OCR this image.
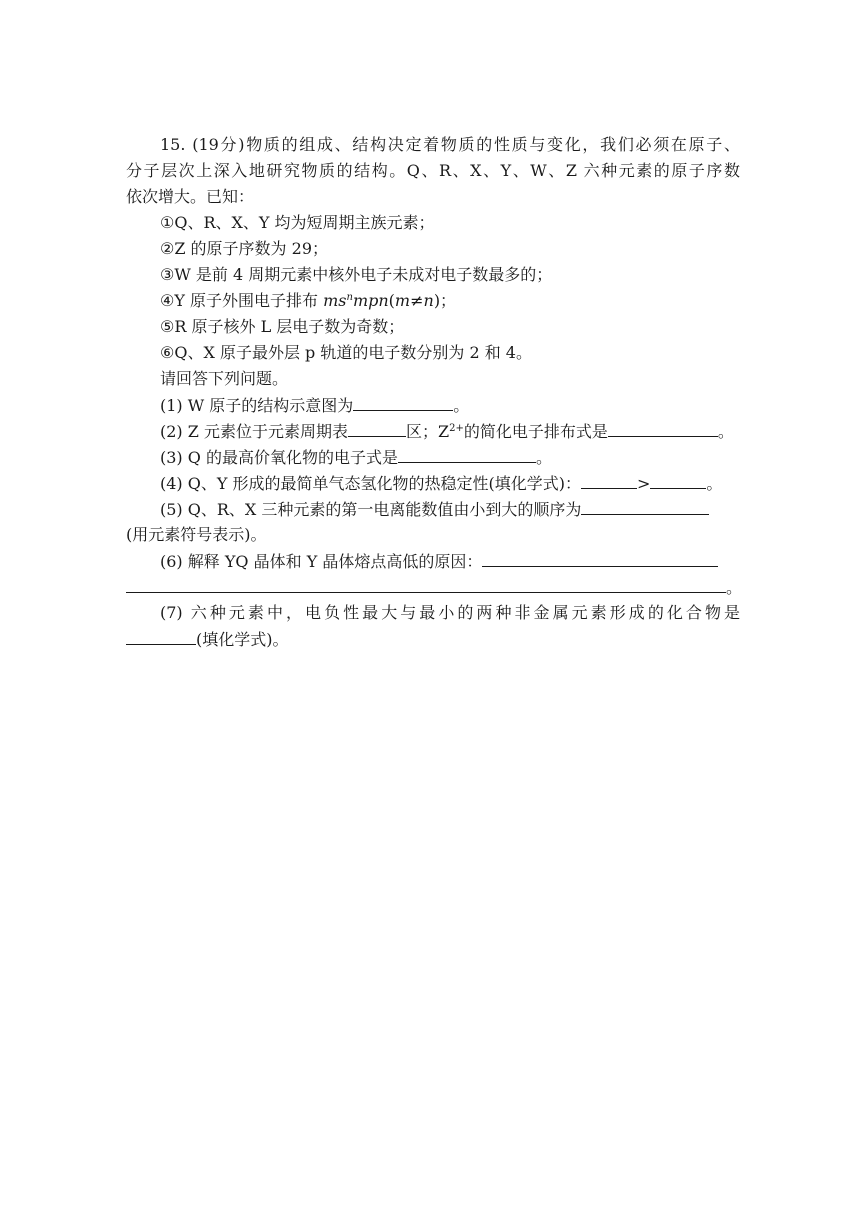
15. (19分)物质的组成、结构决定着物质的性质与变化，我们必须在原子、
分子层次上深入地研究物质的结构。Q、R、X、Y、W、Z 六种元素的原子序数
依次增大。已知：
①Q、R、X、Y 均为短周期主族元素；
②Z 的原子序数为 29；
③W 是前 4 周期元素中核外电子未成对电子数最多的；
④Y 原子外围电子排布 $ms^nmpn(m\ne n)$；
⑤R 原子核外 L 层电子数为奇数；
⑥Q、X 原子最外层 p 轨道的电子数分别为 2 和 4。
请回答下列问题。
(1) W 原子的结构示意图为	。
(2) Z 元素位于元素周期表	区；$Z^{2+}$的简化电子排布式是	。
(3) Q 的最高价氧化物的电子式是	。
(4) Q、Y 形成的最简单气态氢化物的热稳定性(填化学式)：	>	。
(5) Q、R、X 三种元素的第一电离能数值由小到大的顺序为
(用元素符号表示)。
(6) 解释 YQ 晶体和 Y 晶体熔点高低的原因：
。
(7) 六种元素中，电负性最大与最小的两种非金属元素形成的化合物是
(填化学式)。
